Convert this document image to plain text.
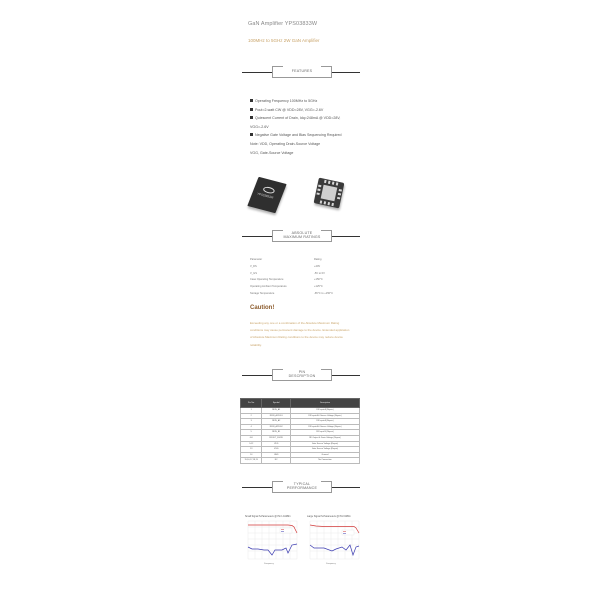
GaN Amplifier YPS03833W
100MHz to 5GHz 2W GaN Amplifier
FEATURES
Operating Frequency 100MHz to 5GHz
Pout=2-watt CW @ VDD=28V, VGG=-2.6V
Quiescent Current of Drain, Idq=248mA @ VDD=28V, VGG=-2.6V
Negative Gate Voltage and Bias Sequencing Required
Note: VDD, Operating Drain-Source Voltage
VGG, Gate-Source Voltage
YPS03833W
ABSOLUTE
MAXIMUM RATINGS
Parameter	Rating
V_DS	+40V
V_GS	-5V to 0V
Case Operating Temperature	+150°C
Operating Ambient Temperature	+125°C
Storage Temperature	-65°C to +150°C
Caution!
Exceeding any one or a combination of the Absolute Maximum Rating conditions may cause permanent damage to the device. Extended application of Absolute Maximum Rating conditions to the device may reduce device reliability.
PIN
DESCRIPTION
TYPICAL
PERFORMANCE
Pin No.	Symbol	Description
1	RFIN_A1	RF Input A (Repair)
2	RFIN_A1/VG1	RF Input A & Source Voltage (Repair)
3	RFIN_A2	RF Input A (Repair)
4	RFIN_A2/VG2	RF Input A & Source Voltage (Repair)
5	RFIN_B1	RF Input B (Repair)
6-8	RFOUT_B1/VD	RF Output & Drain Voltage (Repair)
9-12	VDD	Gate Source Voltage (Repair)
13	VGG	Gate Source Voltage (Repair)
14	GND	Ground
15,16,17,18,19	NC	No Connection
Small Signal S-Parameters @ Pin=-10dBm
Frequency
Large Signal S-Parameters @ Pin=0dBm
Frequency
